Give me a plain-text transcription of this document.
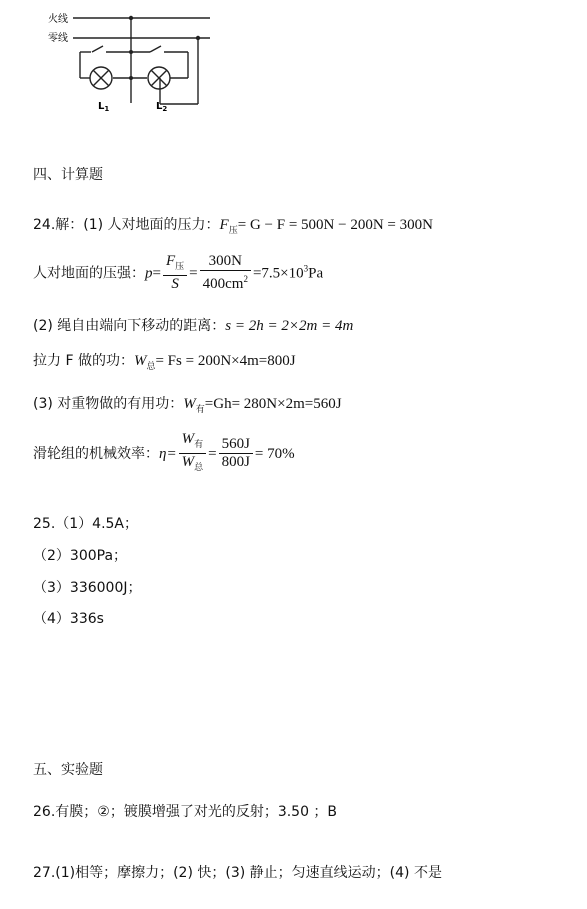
火线
零线
$L_1$	$L_2$
四、计算题
24.解：(1) 人对地面的压力：$F_压= G - F = 500N - 200N = 300N$
人对地面的压强：$p= \frac{F_压}{S} = \frac{300N}{400cm^2} =7.5\times 10^3Pa$
(2) 绳自由端向下移动的距离：s = 2h = 2×2m = 4m
拉力 F 做的功：$W_总= Fs = 200N\times 4m=800J$
(3) 对重物做的有用功：$W_有=Gh= 280N\times 2m=560J$
滑轮组的机械效率：$\eta= \frac{W_有}{W_总} = \frac{560J}{800J} = 70\%$
25.（1）4.5A；
（2）300Pa；
（3）336000J；
（4）336s
五、实验题
26.有膜；②；镀膜增强了对光的反射；3.50 ；B
27.(1)相等；摩擦力；(2) 快；(3) 静止；匀速直线运动；(4) 不是
